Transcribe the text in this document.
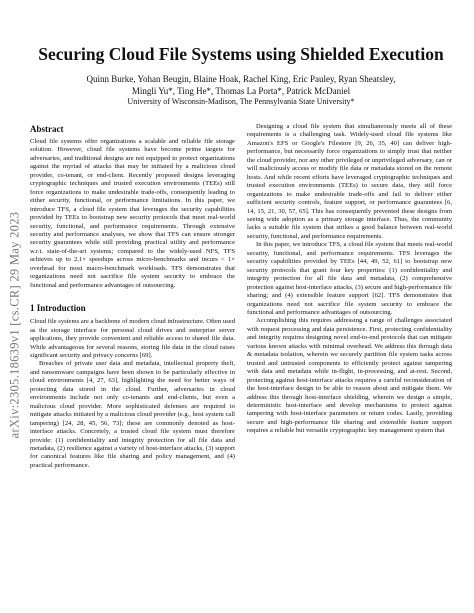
arXiv:2305.18639v1 [cs.CR] 29 May 2023
Securing Cloud File Systems using Shielded Execution
Quinn Burke, Yohan Beugin, Blaine Hoak, Rachel King, Eric Pauley, Ryan Sheatsley,
Mingli Yu*, Ting He*, Thomas La Porta*, Patrick McDaniel
University of Wisconsin-Madison, The Pennsylvania State University*
Abstract

Cloud file systems offer organizations a scalable and reliable file storage solution. However, cloud file systems have become prime targets for adversaries, and traditional designs are not equipped to protect organizations against the myriad of attacks that may be initiated by a malicious cloud provider, co-tenant, or end-client. Recently proposed designs leveraging cryptographic techniques and trusted execution environments (TEEs) still force organizations to make undesirable trade-offs, consequently leading to either security, functional, or performance limitations. In this paper, we introduce TFS, a cloud file system that leverages the security capabilities provided by TEEs to bootstrap new security protocols that meet real-world security, functional, and performance requirements. Through extensive security and performance analyses, we show that TFS can ensure stronger security guarantees while still providing practical utility and performance w.r.t. state-of-the-art systems; compared to the widely-used NFS, TFS achieves up to 2.1× speedups across micro-benchmarks and incurs < 1× overhead for most macro-benchmark workloads. TFS demonstrates that organizations need not sacrifice file system security to embrace the functional and performance advantages of outsourcing.

1 Introduction

Cloud file systems are a backbone of modern cloud infrastructure. Often used as the storage interface for personal cloud drives and enterprise server applications, they provide convenient and reliable access to shared file data. While advantageous for several reasons, storing file data in the cloud raises significant security and privacy concerns [69].

Breaches of private user data and metadata, intellectual property theft, and ransomware campaigns have been shown to be particularly effective in cloud environments [4, 27, 63], highlighting the need for better ways of protecting data stored in the cloud. Further, adversaries in cloud environments include not only co-tenants and end-clients, but even a malicious cloud provider. More sophisticated defenses are required to mitigate attacks initiated by a malicious cloud provider (e.g., host system call tampering) [24, 28, 45, 56, 73]; these are commonly denoted as host-interface attacks. Concretely, a trusted cloud file system must therefore provide: (1) confidentiality and integrity protection for all file data and metadata, (2) resilience against a variety of host-interface attacks, (3) support for canonical features like file sharing and policy management, and (4) practical performance.

Designing a cloud file system that simultaneously meets all of these requirements is a challenging task. Widely-used cloud file systems like Amazon's EFS or Google's Filestore [9, 26, 35, 40] can deliver high-performance, but necessarily force organizations to simply trust that neither the cloud provider, nor any other privileged or unprivileged adversary, can or will maliciously access or modify file data or metadata stored on the remote hosts. And while recent efforts have leveraged cryptographic techniques and trusted execution environments (TEEs) to secure data, they still force organizations to make undesirable trade-offs and fail to deliver either sufficient security controls, feature support, or performance guarantees [6, 14, 15, 21, 30, 57, 65]. This has consequently prevented these designs from seeing wide adoption as a primary storage interface. Thus, the community lacks a suitable file system that strikes a good balance between real-world security, functional, and performance requirements.

In this paper, we introduce TFS, a cloud file system that meets real-world security, functional, and performance requirements. TFS leverages the security capabilities provided by TEEs [44, 49, 52, 61] to bootstrap new security protocols that grant four key properties: (1) confidentiality and integrity protection for all file data and metadata, (2) comprehensive protection against host-interface attacks, (3) secure and high-performance file sharing; and (4) extensible feature support [62]. TFS demonstrates that organizations need not sacrifice file system security to embrace the functional and performance advantages of outsourcing.

Accomplishing this requires addressing a range of challenges associated with request processing and data persistence. First, protecting confidentiality and integrity requires designing novel end-to-end protocols that can mitigate various known attacks with minimal overhead. We address this through data & metadata isolation, wherein we securely partition file system tasks across trusted and untrusted components to efficiently protect against tampering with data and metadata while in-flight, in-processing, and at-rest. Second, protecting against host-interface attacks requires a careful reconsideration of the host-interface design to be able to reason about and mitigate them. We address this through host-interface shielding, wherein we design a simple, deterministic host-interface and develop mechanisms to protect against tampering with host-interface parameters or return codes. Lastly, providing secure and high-performance file sharing and extensible feature support requires a reliable but versatile cryptographic key management system that
